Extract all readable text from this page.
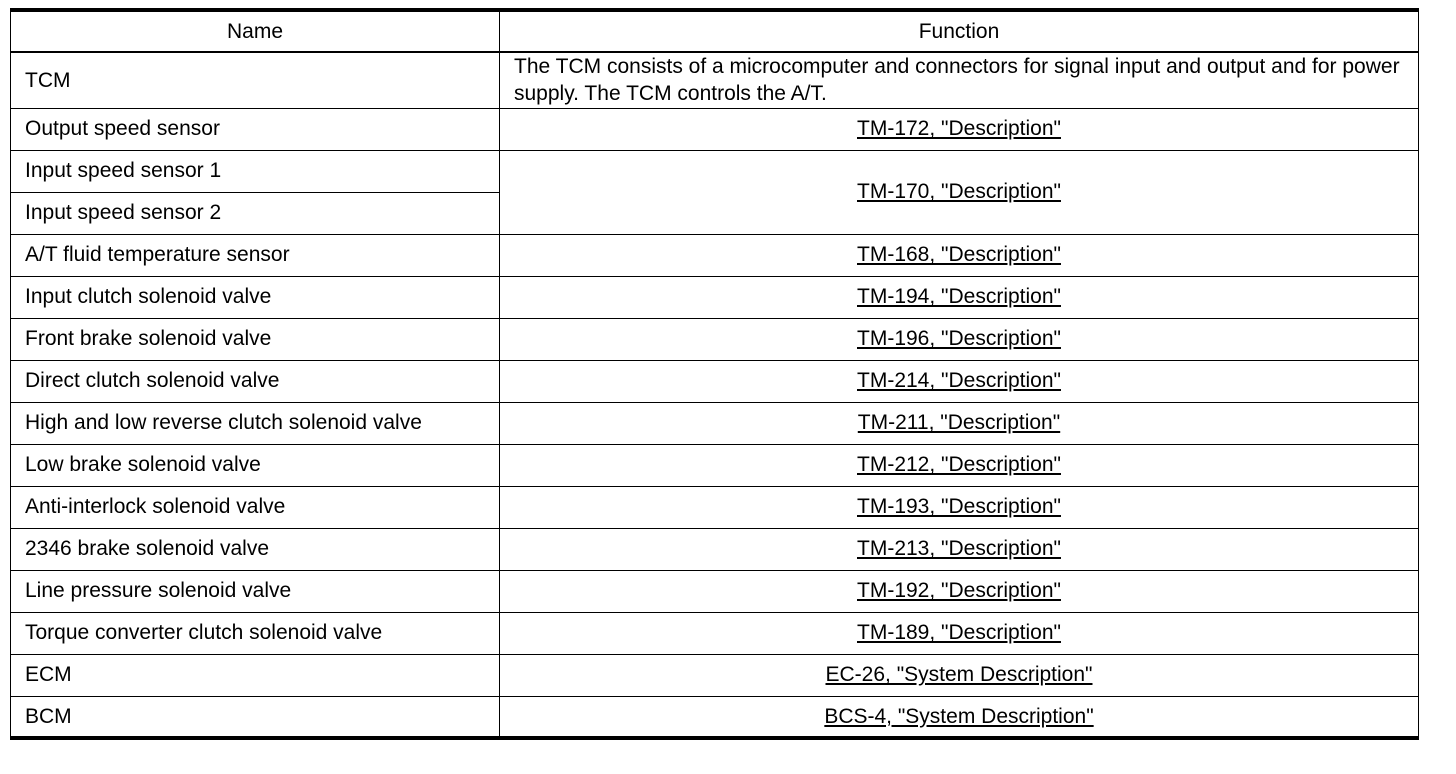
Name	Function
TCM	The TCM consists of a microcomputer and connectors for signal input and output and for power supply. The TCM controls the A/T.
Output speed sensor	TM-172, "Description"
Input speed sensor 1	TM-170, "Description"
Input speed sensor 2	
A/T fluid temperature sensor	TM-168, "Description"
Input clutch solenoid valve	TM-194, "Description"
Front brake solenoid valve	TM-196, "Description"
Direct clutch solenoid valve	TM-214, "Description"
High and low reverse clutch solenoid valve	TM-211, "Description"
Low brake solenoid valve	TM-212, "Description"
Anti-interlock solenoid valve	TM-193, "Description"
2346 brake solenoid valve	TM-213, "Description"
Line pressure solenoid valve	TM-192, "Description"
Torque converter clutch solenoid valve	TM-189, "Description"
ECM	EC-26, "System Description"
BCM	BCS-4, "System Description"
